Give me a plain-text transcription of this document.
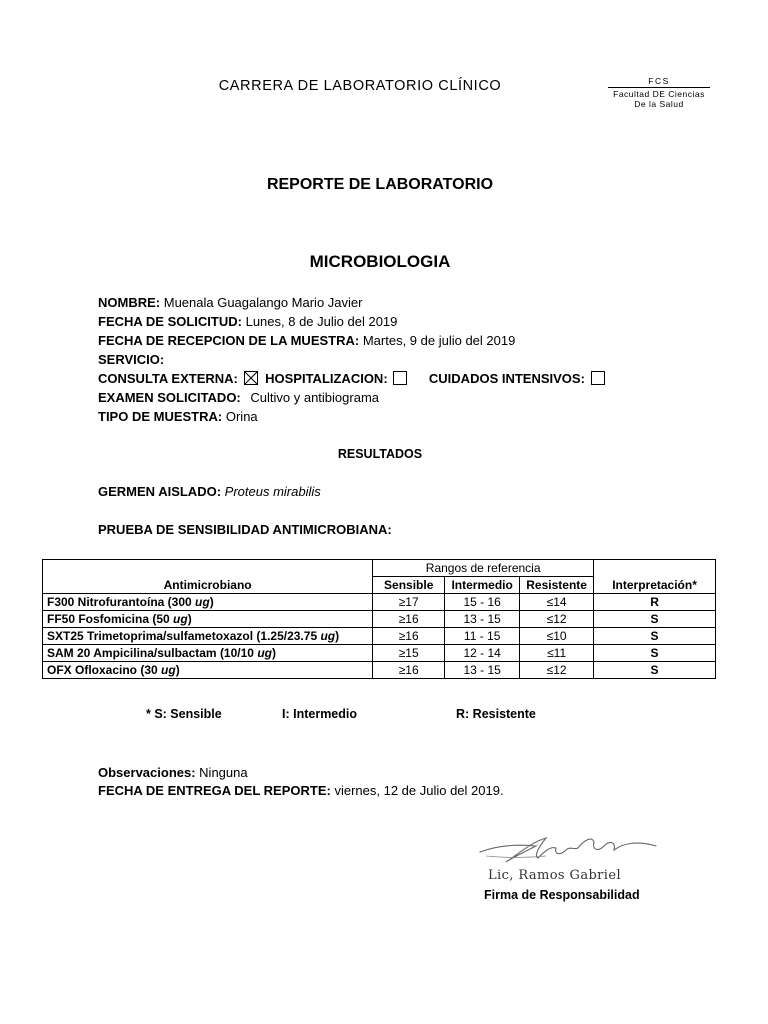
CARRERA DE LABORATORIO CLÍNICO	FCS
Facultad DE Ciencias
De la Salud
REPORTE DE LABORATORIO
MICROBIOLOGIA
NOMBRE: Muenala Guagalango Mario Javier
FECHA DE SOLICITUD: Lunes, 8 de Julio del 2019
FECHA DE RECEPCION DE LA MUESTRA: Martes, 9 de julio del 2019
SERVICIO:
CONSULTA EXTERNA: HOSPITALIZACION:	CUIDADOS INTENSIVOS:
EXAMEN SOLICITADO: Cultivo y antibiograma
TIPO DE MUESTRA: Orina
RESULTADOS
GERMEN AISLADO: Proteus mirabilis
PRUEBA DE SENSIBILIDAD ANTIMICROBIANA:
	Rangos de referencia			
Antimicrobiano	Sensible	Intermedio	Resistente	Interpretación*
F300 Nitrofurantoína (300 ug)	≥17	15 - 16	≤14	R
FF50 Fosfomicina (50 ug)	≥16	13 - 15	≤12	S
SXT25 Trimetoprima/sulfametoxazol (1.25/23.75 ug)	≥16	11 - 15	≤10	S
SAM 20 Ampicilina/sulbactam (10/10 ug)	≥15	12 - 14	≤11	S
OFX Ofloxacino (30 ug)	≥16	13 - 15	≤12	S
* S: Sensible	I: Intermedio	R: Resistente
Observaciones: Ninguna
FECHA DE ENTREGA DEL REPORTE: viernes, 12 de Julio del 2019.
Lic, Ramos Gabriel
Firma de Responsabilidad
